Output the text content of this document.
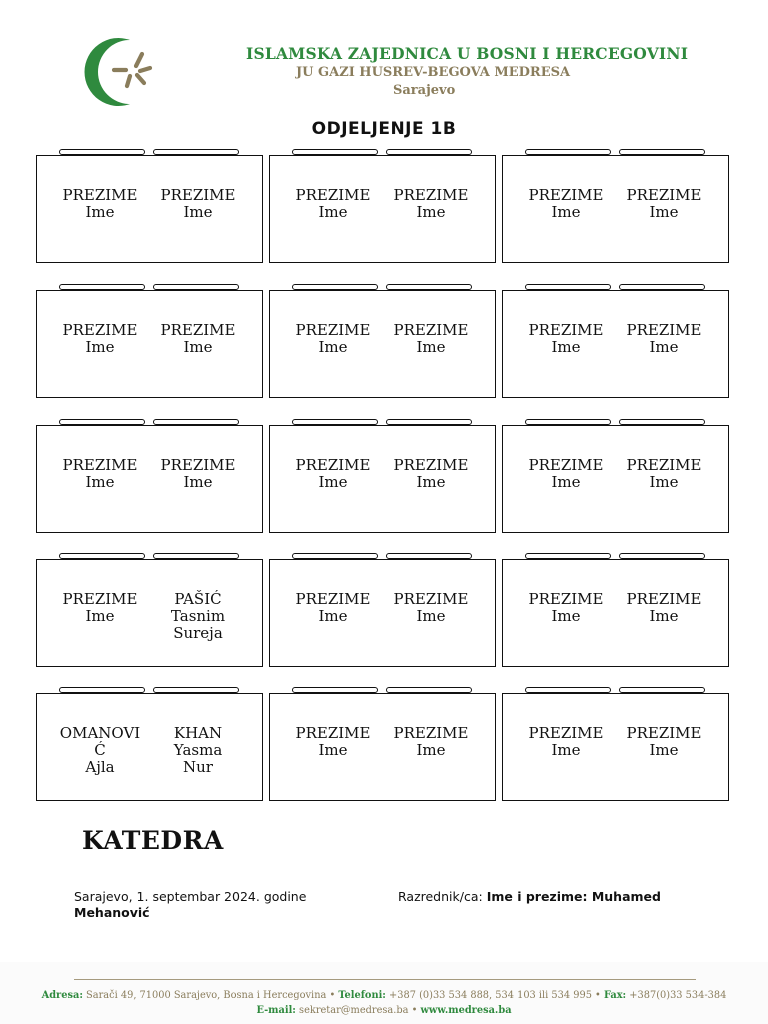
ISLAMSKA ZAJEDNICA U BOSNI I HERCEGOVINI
JU GAZI HUSREV-BEGOVA MEDRESA
Sarajevo
ODJELJENJE 1B
PREZIME
Ime
PREZIME
Ime
PREZIME
Ime
PREZIME
Ime
PREZIME
Ime
PREZIME
Ime
PREZIME
Ime
PREZIME
Ime
PREZIME
Ime
PREZIME
Ime
PREZIME
Ime
PREZIME
Ime
PREZIME
Ime
PREZIME
Ime
PREZIME
Ime
PREZIME
Ime
PREZIME
Ime
PREZIME
Ime
PREZIME
Ime
PAŠIĆ
Tasnim
Sureja
PREZIME
Ime
PREZIME
Ime
PREZIME
Ime
PREZIME
Ime
OMANOVI
Ć
Ajla
KHAN
Yasma
Nur
PREZIME
Ime
PREZIME
Ime
PREZIME
Ime
PREZIME
Ime
KATEDRA
Sarajevo, 1. septembar 2024. godine	Razrednik/ca: Ime i prezime: Muhamed
Mehanović
Adresa: Sarači 49, 71000 Sarajevo, Bosna i Hercegovina • Telefoni: +387 (0)33 534 888, 534 103 ili 534 995 • Fax: +387(0)33 534-384
E-mail: sekretar@medresa.ba • www.medresa.ba
